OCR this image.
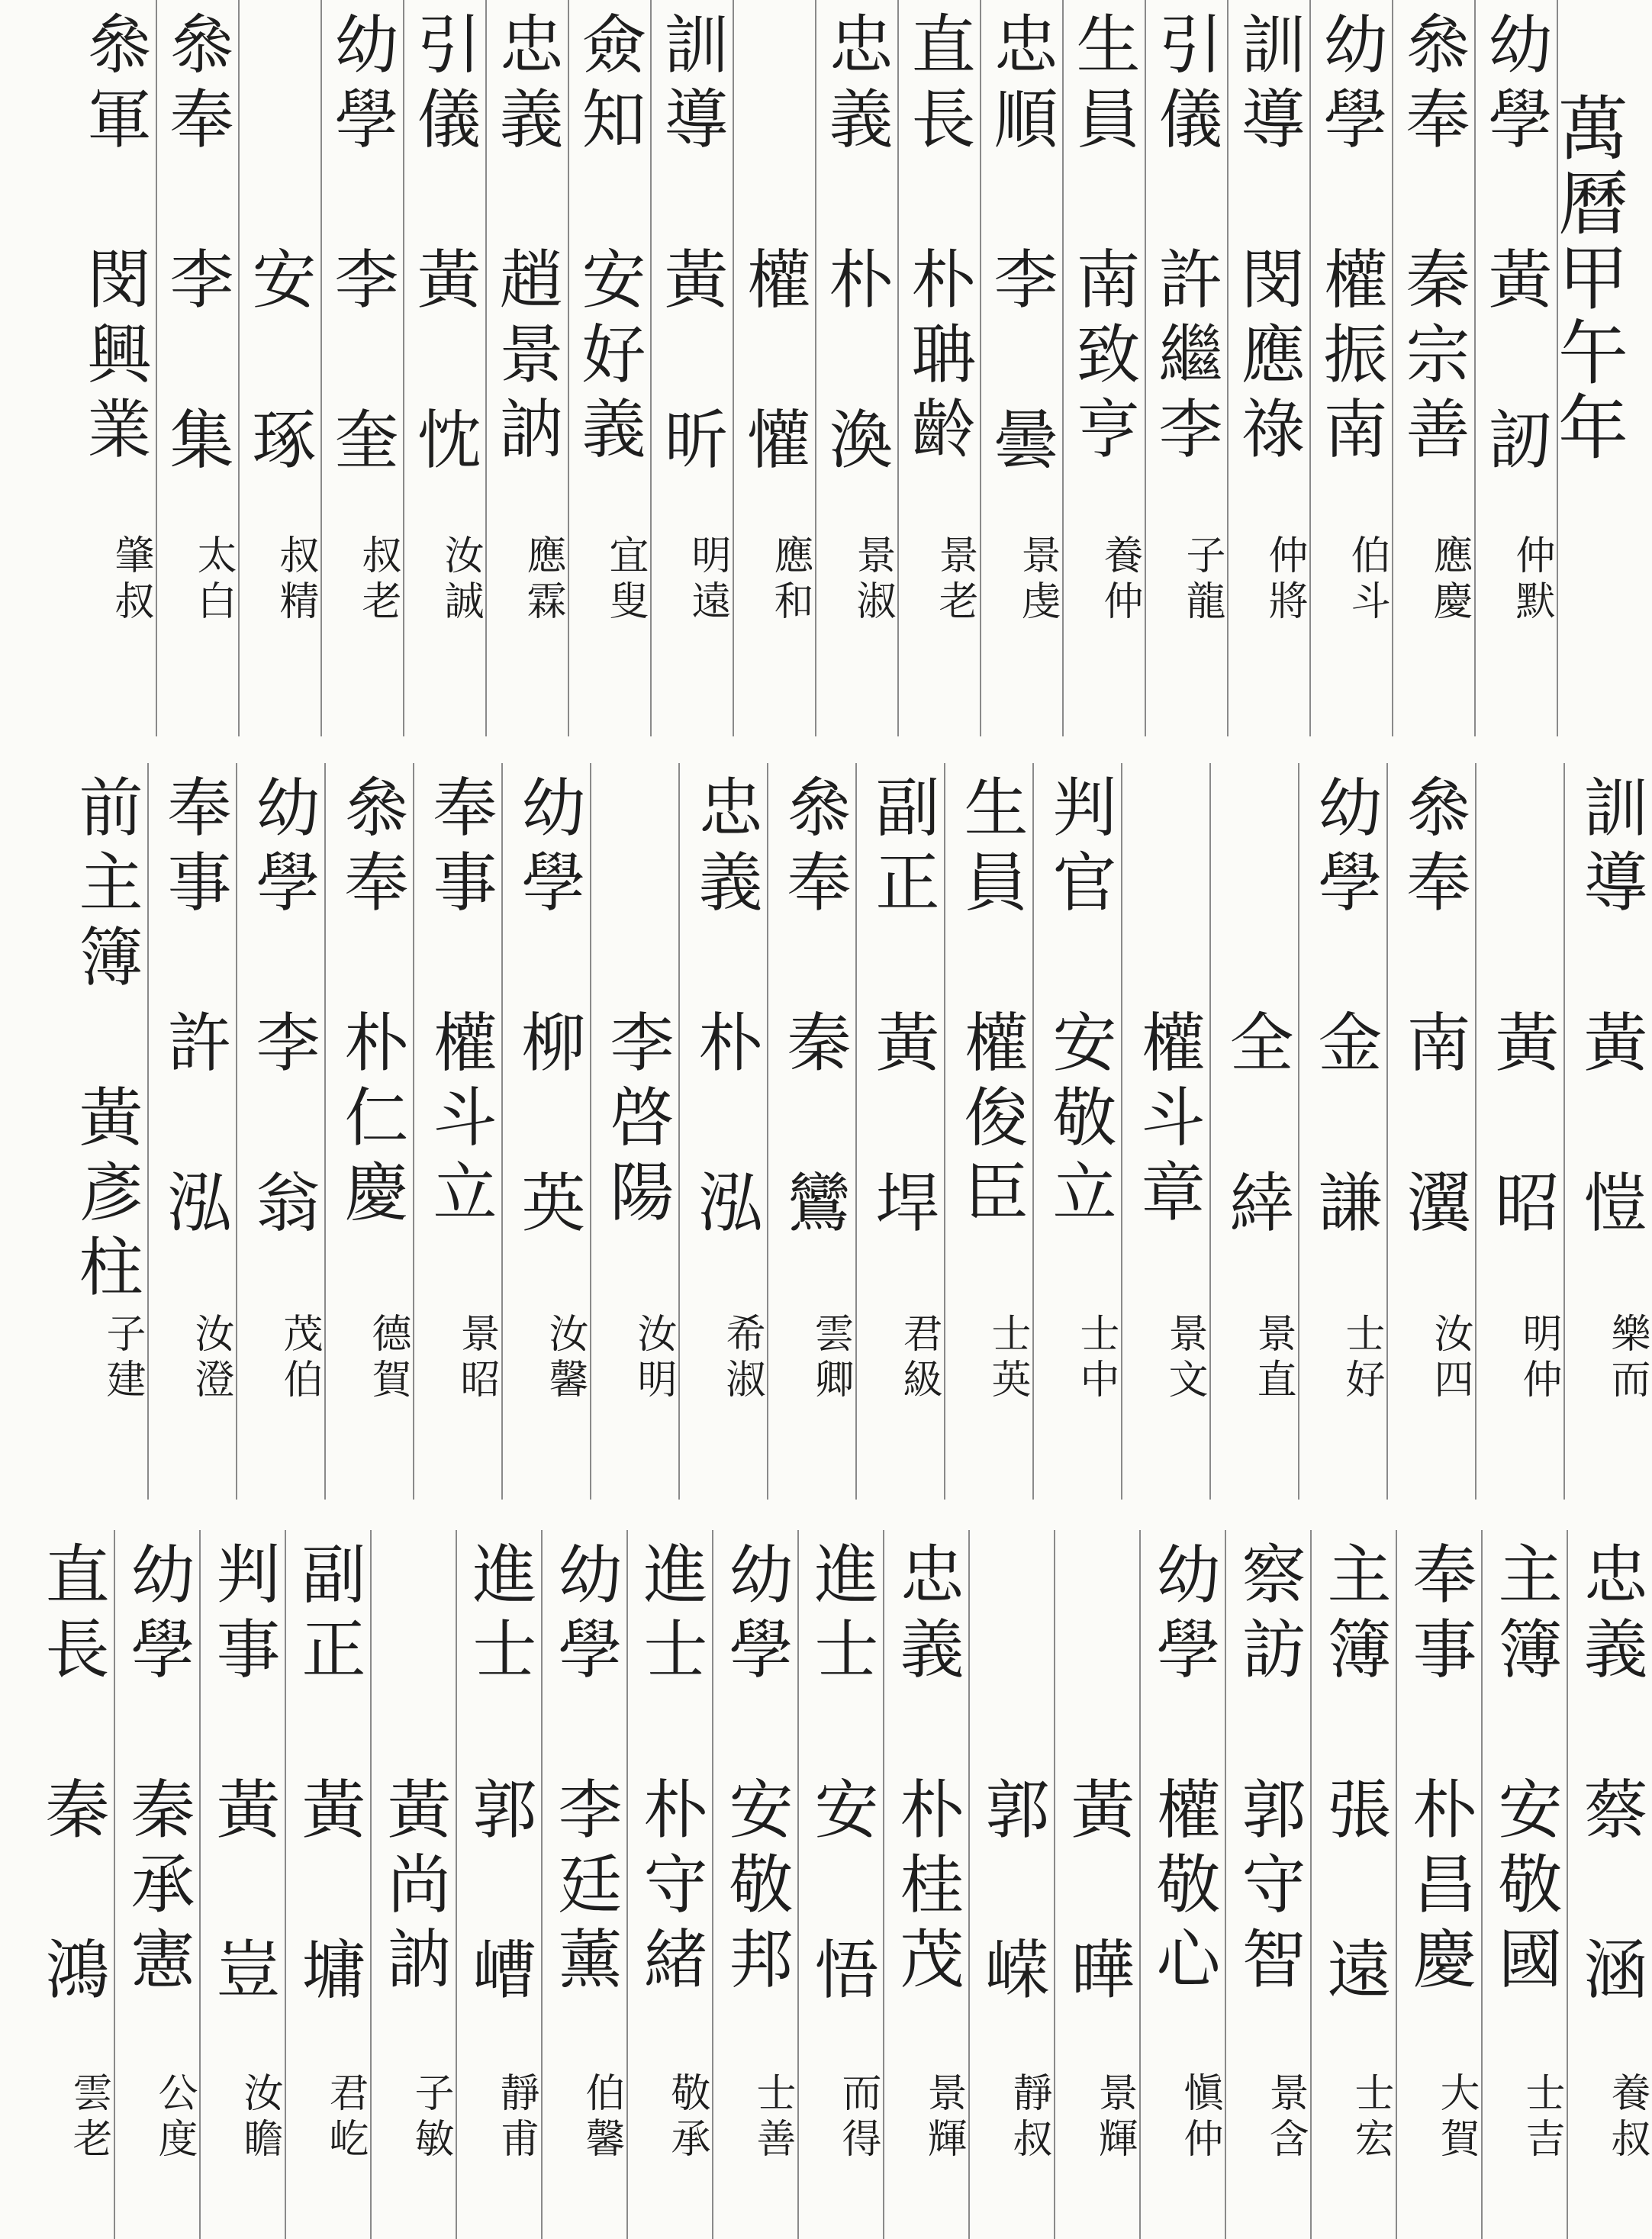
萬曆甲午年
幼學 黃 訒
仲默
叅奉 秦宗善
應慶
幼學 權振南
伯斗
訓導 閔應祿
仲將
引儀 許繼李
子龍
生員 南致亨
養仲
忠順 李 曇
景虔
直長 朴聃齡
景老
忠義 朴 渙
景淑
　　 權 懽
應和
訓導 黃 昕
明遠
僉知 安好義
宜叟
忠義 趙景訥
應霖
引儀 黃 忱
汝誠
幼學 李 奎
叔老
　　 安 琢
叔精
叅奉 李 集
太白
叅軍 閔興業
肇叔
訓導 黃 愷
樂而
　　 黃 昭
明仲
叅奉 南 瀷
汝四
幼學 金 謙
士好
　　 全 緈
景直
　　 權斗章
景文
判官 安敬立
士中
生員 權俊臣
士英
副正 黃 垾
君級
叅奉 秦 鸞
雲卿
忠義 朴 泓
希淑
　　 李啓陽
汝明
幼學 柳 英
汝馨
奉事 權斗立
景昭
叅奉 朴仁慶
德賀
幼學 李 翁
茂伯
奉事 許 泓
汝澄
前主簿 黃彥柱
子建
忠義 蔡 涵
養叔
主簿 安敬國
士吉
奉事 朴昌慶
大賀
主簿 張 遠
士宏
察訪 郭守智
景含
幼學 權敬心
愼仲
　　 黃 曄
景輝
　　 郭 嵘
靜叔
忠義 朴桂茂
景輝
進士 安 悟
而得
幼學 安敬邦
士善
進士 朴守緒
敬承
幼學 李廷薰
伯馨
進士 郭 嶆
靜甫
　　 黃尚訥
子敏
副正 黃 墉
君屹
判事 黃 豈
汝瞻
幼學 秦承憲
公度
直長 秦 鴻
雲老
